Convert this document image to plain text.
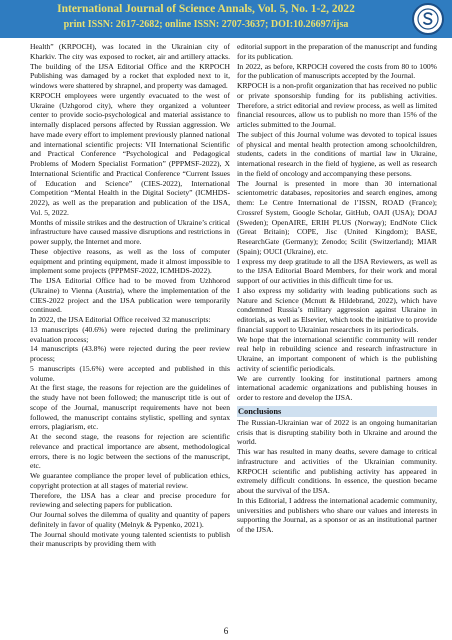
International Journal of Science Annals, Vol. 5, No. 1-2, 2022
print ISSN: 2617-2682; online ISSN: 2707-3637; DOI:10.26697/ijsa

Health” (KRPOCH), was located in the Ukrainian city of Kharkiv. The city was exposed to rocket, air and artillery attacks. The building of the IJSA Editorial Office and the KRPOCH Publishing was damaged by a rocket that exploded next to it, windows were shattered by shrapnel, and property was damaged.

KRPOCH employees were urgently evacuated to the west of Ukraine (Uzhgorod city), where they organized a volunteer center to provide socio-psychological and material assistance to internally displaced persons affected by Russian aggression. We have made every effort to implement previously planned national and international scientific projects: VII International Scientific and Practical Conference “Psychological and Pedagogical Problems of Modern Specialist Formation” (PPPMSF-2022), X International Scientific and Practical Conference “Current Issues of Education and Science” (CIES-2022), International Competition “Mental Health in the Digital Society” (ICMHDS-2022), as well as the preparation and publication of the IJSA, Vol. 5, 2022.

Months of missile strikes and the destruction of Ukraine’s critical infrastructure have caused massive disruptions and restrictions in power supply, the Internet and more.

These objective reasons, as well as the loss of computer equipment and printing equipment, made it almost impossible to implement some projects (PPPMSF-2022, ICMHDS-2022).

The IJSA Editorial Office had to be moved from Uzhhorod (Ukraine) to Vienna (Austria), where the implementation of the CIES-2022 project and the IJSA publication were temporarily continued.

In 2022, the IJSA Editorial Office received 32 manuscripts:

13 manuscripts (40.6%) were rejected during the preliminary evaluation process;

14 manuscripts (43.8%) were rejected during the peer review process;

5 manuscripts (15.6%) were accepted and published in this volume.

At the first stage, the reasons for rejection are the guidelines of the study have not been followed; the manuscript title is out of scope of the Journal, manuscript requirements have not been followed, the manuscript contains stylistic, spelling and syntax errors, plagiarism, etc.

At the second stage, the reasons for rejection are scientific relevance and practical importance are absent, methodological errors, there is no logic between the sections of the manuscript, etc.

We guarantee compliance the proper level of publication ethics, copyright protection at all stages of material review.

Therefore, the IJSA has a clear and precise procedure for reviewing and selecting papers for publication.

Our Journal solves the dilemma of quality and quantity of papers definitely in favor of quality (Melnyk & Pypenko, 2021).

The Journal should motivate young talented scientists to publish their manuscripts by providing them with

editorial support in the preparation of the manuscript and funding for its publication.

In 2022, as before, KRPOCH covered the costs from 80 to 100% for the publication of manuscripts accepted by the Journal.

KRPOCH is a non-profit organization that has received no public or private sponsorship funding for its publishing activities. Therefore, a strict editorial and review process, as well as limited financial resources, allow us to publish no more than 15% of the articles submitted to the Journal.

The subject of this Journal volume was devoted to topical issues of physical and mental health protection among schoolchildren, students, cadets in the conditions of martial law in Ukraine, international research in the field of hygiene, as well as research in the field of oncology and accompanying these persons.

The Journal is presented in more than 30 international scientometric databases, repositories and search engines, among them: Le Centre International de l’ISSN, ROAD (France); Crossref System, Google Scholar, GitHub, OAJI (USA); DOAJ (Sweden); OpenAIRE, ERIH PLUS (Norway); EndNote Click (Great Britain); COPE, Jisc (United Kingdom); BASE, ResearchGate (Germany); Zenodo; Scilit (Switzerland); MIAR (Spain); OUCI (Ukraine), etc.

I express my deep gratitude to all the IJSA Reviewers, as well as to the IJSA Editorial Board Members, for their work and moral support of our activities in this difficult time for us.

I also express my solidarity with leading publications such as Nature and Science (Mcnutt & Hildebrand, 2022), which have condemned Russia’s military aggression against Ukraine in editorials, as well as Elsevier, which took the initiative to provide financial support to Ukrainian researchers in its periodicals.

We hope that the international scientific community will render real help in rebuilding science and research infrastructure in Ukraine, an important component of which is the publishing activity of scientific periodicals.

We are currently looking for institutional partners among international academic organizations and publishing houses in order to restore and develop the IJSA.

Conclusions

The Russian-Ukrainian war of 2022 is an ongoing humanitarian crisis that is disrupting stability both in Ukraine and around the world.

This war has resulted in many deaths, severe damage to critical infrastructure and activities of the Ukrainian community. KRPOCH scientific and publishing activity has appeared in extremely difficult conditions. In essence, the question became about the survival of the IJSA.

In this Editorial, I address the international academic community, universities and publishers who share our values and interests in supporting the Journal, as a sponsor or as an institutional partner of the IJSA.

6
